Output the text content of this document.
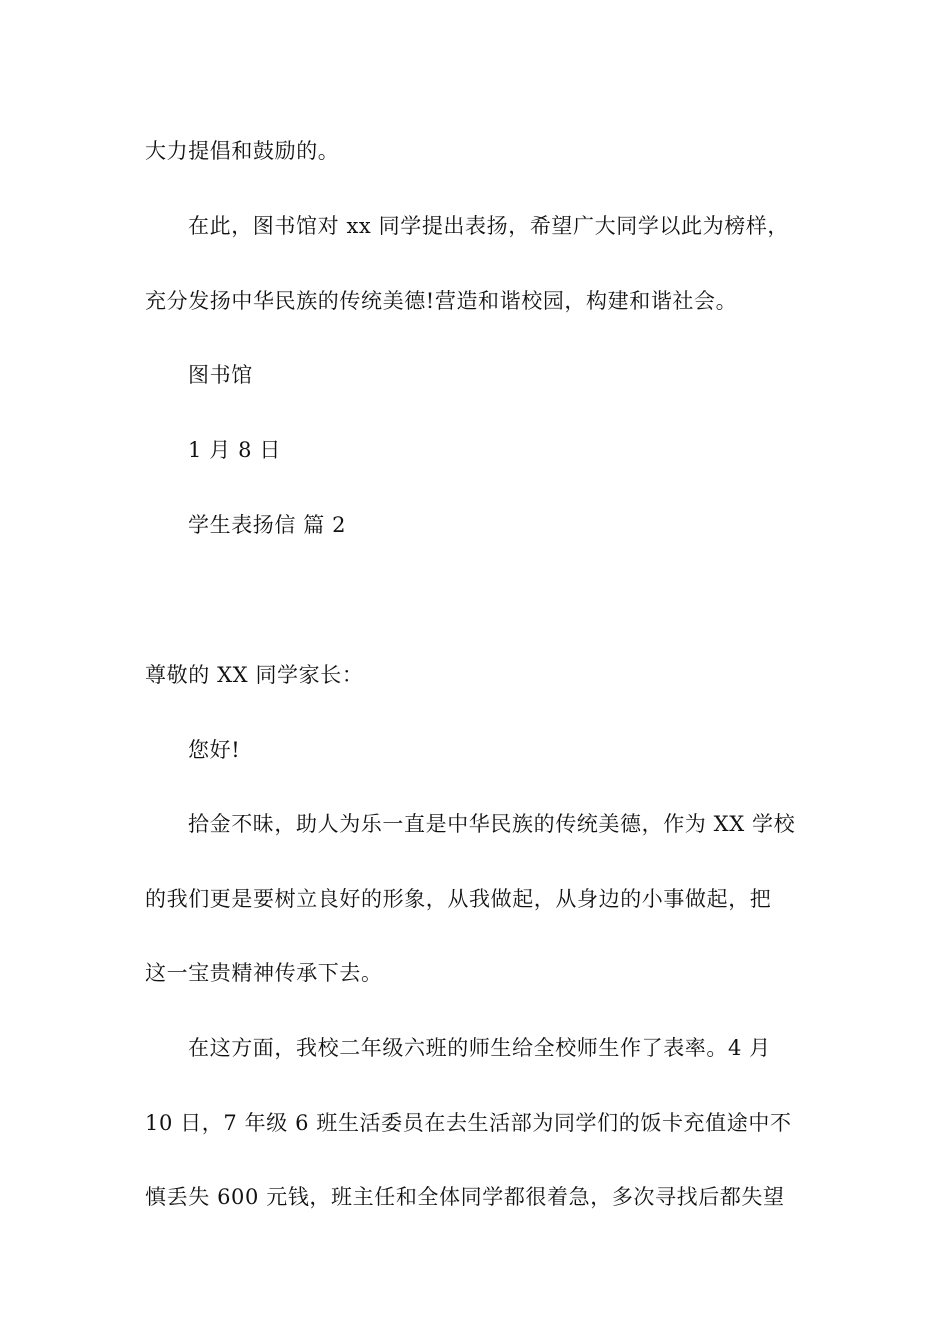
大力提倡和鼓励的。
在此，图书馆对 xx 同学提出表扬，希望广大同学以此为榜样，
充分发扬中华民族的传统美德!营造和谐校园，构建和谐社会。
图书馆
1 月 8 日
学生表扬信 篇 2
尊敬的 XX 同学家长：
您好!
拾金不昧，助人为乐一直是中华民族的传统美德，作为 XX 学校
的我们更是要树立良好的形象，从我做起，从身边的小事做起，把
这一宝贵精神传承下去。
在这方面，我校二年级六班的师生给全校师生作了表率。4 月
10 日，7 年级 6 班生活委员在去生活部为同学们的饭卡充值途中不
慎丢失 600 元钱，班主任和全体同学都很着急，多次寻找后都失望
